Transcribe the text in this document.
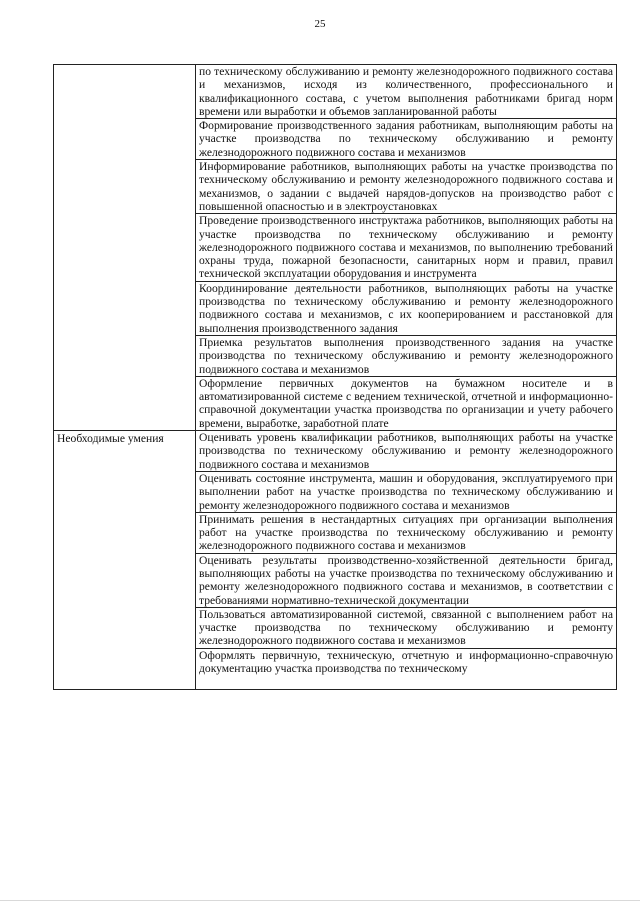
25
	по техническому обслуживанию и ремонту железнодорожного подвижного состава и механизмов, исходя из количественного, профессионального и квалификационного состава, с учетом выполнения работниками бригад норм времени или выработки и объемов запланированной работы
	Формирование производственного задания работникам, выполняющим работы на участке производства по техническому обслуживанию и ремонту железнодорожного подвижного состава и механизмов
	Информирование работников, выполняющих работы на участке производства по техническому обслуживанию и ремонту железнодорожного подвижного состава и механизмов, о задании с выдачей нарядов-допусков на производство работ с повышенной опасностью и в электроустановках
	Проведение производственного инструктажа работников, выполняющих работы на участке производства по техническому обслуживанию и ремонту железнодорожного подвижного состава и механизмов, по выполнению требований охраны труда, пожарной безопасности, санитарных норм и правил, правил технической эксплуатации оборудования и инструмента
	Координирование деятельности работников, выполняющих работы на участке производства по техническому обслуживанию и ремонту железнодорожного подвижного состава и механизмов, с их кооперированием и расстановкой для выполнения производственного задания
	Приемка результатов выполнения производственного задания на участке производства по техническому обслуживанию и ремонту железнодорожного подвижного состава и механизмов
	Оформление первичных документов на бумажном носителе и в автоматизированной системе с ведением технической, отчетной и информационно-справочной документации участка производства по организации и учету рабочего времени, выработке, заработной плате

Необходимые умения	Оценивать уровень квалификации работников, выполняющих работы на участке производства по техническому обслуживанию и ремонту железнодорожного подвижного состава и механизмов
	Оценивать состояние инструмента, машин и оборудования, эксплуатируемого при выполнении работ на участке производства по техническому обслуживанию и ремонту железнодорожного подвижного состава и механизмов
	Принимать решения в нестандартных ситуациях при организации выполнения работ на участке производства по техническому обслуживанию и ремонту железнодорожного подвижного состава и механизмов
	Оценивать результаты производственно-хозяйственной деятельности бригад, выполняющих работы на участке производства по техническому обслуживанию и ремонту железнодорожного подвижного состава и механизмов, в соответствии с требованиями нормативно-технической документации
	Пользоваться автоматизированной системой, связанной с выполнением работ на участке производства по техническому обслуживанию и ремонту железнодорожного подвижного состава и механизмов

	Оформлять первичную, техническую, отчетную и информационно-справочную документацию участка производства по техническому
